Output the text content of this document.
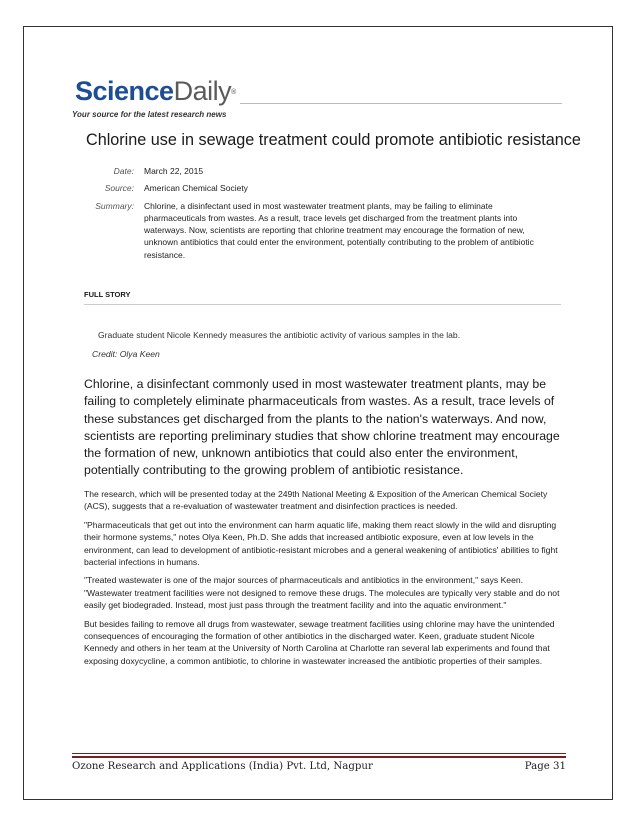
ScienceDaily®
Your source for the latest research news
Chlorine use in sewage treatment could promote antibiotic resistance
Date:	March 22, 2015
Source:	American Chemical Society
Summary:	Chlorine, a disinfectant used in most wastewater treatment plants, may be failing to eliminate pharmaceuticals from wastes. As a result, trace levels get discharged from the treatment plants into waterways. Now, scientists are reporting that chlorine treatment may encourage the formation of new, unknown antibiotics that could enter the environment, potentially contributing to the problem of antibiotic resistance.
FULL STORY
Graduate student Nicole Kennedy measures the antibiotic activity of various samples in the lab.
Credit: Olya Keen
Chlorine, a disinfectant commonly used in most wastewater treatment plants, may be failing to completely eliminate pharmaceuticals from wastes. As a result, trace levels of these substances get discharged from the plants to the nation's waterways. And now, scientists are reporting preliminary studies that show chlorine treatment may encourage the formation of new, unknown antibiotics that could also enter the environment, potentially contributing to the growing problem of antibiotic resistance.

The research, which will be presented today at the 249th National Meeting & Exposition of the American Chemical Society (ACS), suggests that a re-evaluation of wastewater treatment and disinfection practices is needed.

"Pharmaceuticals that get out into the environment can harm aquatic life, making them react slowly in the wild and disrupting their hormone systems," notes Olya Keen, Ph.D. She adds that increased antibiotic exposure, even at low levels in the environment, can lead to development of antibiotic-resistant microbes and a general weakening of antibiotics' abilities to fight bacterial infections in humans.

"Treated wastewater is one of the major sources of pharmaceuticals and antibiotics in the environment," says Keen. "Wastewater treatment facilities were not designed to remove these drugs. The molecules are typically very stable and do not easily get biodegraded. Instead, most just pass through the treatment facility and into the aquatic environment."

But besides failing to remove all drugs from wastewater, sewage treatment facilities using chlorine may have the unintended consequences of encouraging the formation of other antibiotics in the discharged water. Keen, graduate student Nicole Kennedy and others in her team at the University of North Carolina at Charlotte ran several lab experiments and found that exposing doxycycline, a common antibiotic, to chlorine in wastewater increased the antibiotic properties of their samples.

Ozone Research and Applications (India) Pvt. Ltd, Nagpur	Page 31
